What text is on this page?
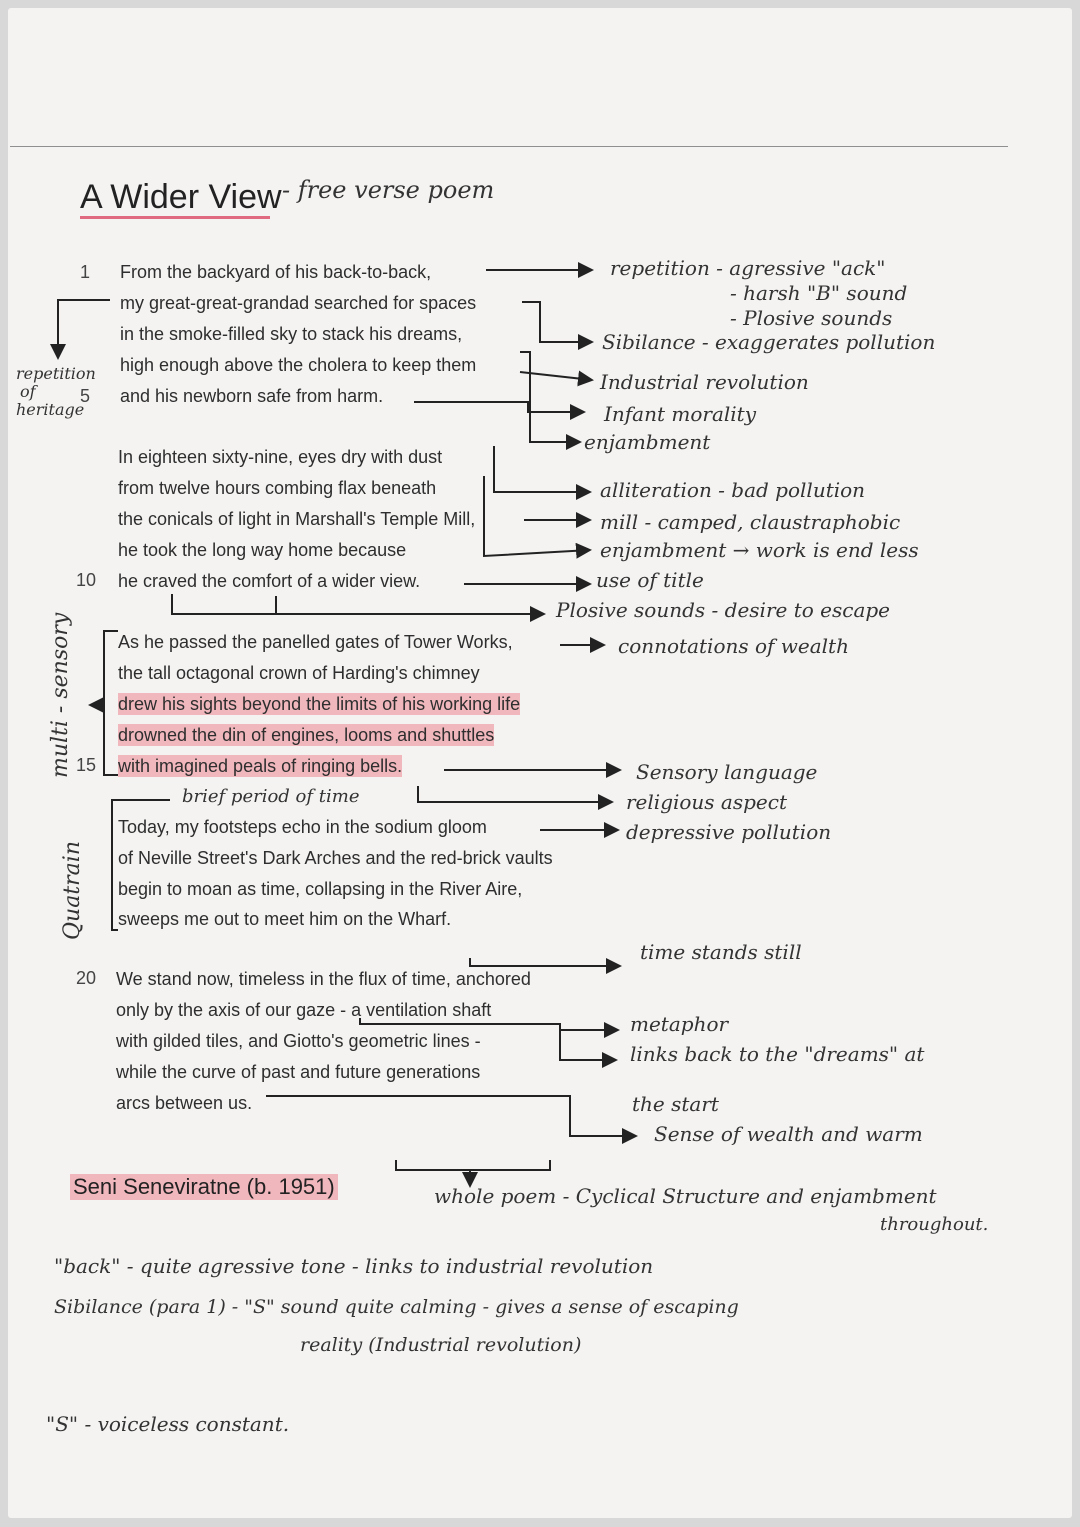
A Wider View - free verse poem
1
5
10
15
20
From the backyard of his back-to-back,
my great-great-grandad searched for spaces
in the smoke-filled sky to stack his dreams,
high enough above the cholera to keep them
and his newborn safe from harm.
In eighteen sixty-nine, eyes dry with dust
from twelve hours combing flax beneath
the conicals of light in Marshall's Temple Mill,
he took the long way home because
he craved the comfort of a wider view.
As he passed the panelled gates of Tower Works,
the tall octagonal crown of Harding's chimney
drew his sights beyond the limits of his working life
drowned the din of engines, looms and shuttles
with imagined peals of ringing bells.
Today, my footsteps echo in the sodium gloom
of Neville Street's Dark Arches and the red-brick vaults
begin to moan as time, collapsing in the River Aire,
sweeps me out to meet him on the Wharf.
We stand now, timeless in the flux of time, anchored
only by the axis of our gaze - a ventilation shaft
with gilded tiles, and Giotto's geometric lines -
while the curve of past and future generations
arcs between us.
Seni Seneviratne (b. 1951)
repetition
of
heritage
multi - sensory
Quatrain
repetition - agressive "ack"
- harsh "B" sound
- Plosive sounds
Sibilance - exaggerates pollution
Industrial revolution
Infant morality
enjambment
alliteration - bad pollution
mill - camped, claustraphobic
enjambment → work is end less
use of title
Plosive sounds - desire to escape
connotations of wealth
Sensory language
religious aspect
depressive pollution
brief period of time
time stands still
metaphor
links back to the "dreams" at
the start
Sense of wealth and warm
whole poem - Cyclical Structure and enjambment
throughout.
"back" - quite agressive tone - links to industrial revolution
Sibilance (para 1) - "S" sound quite calming - gives a sense of escaping
reality (Industrial revolution)
"S" - voiceless constant.
